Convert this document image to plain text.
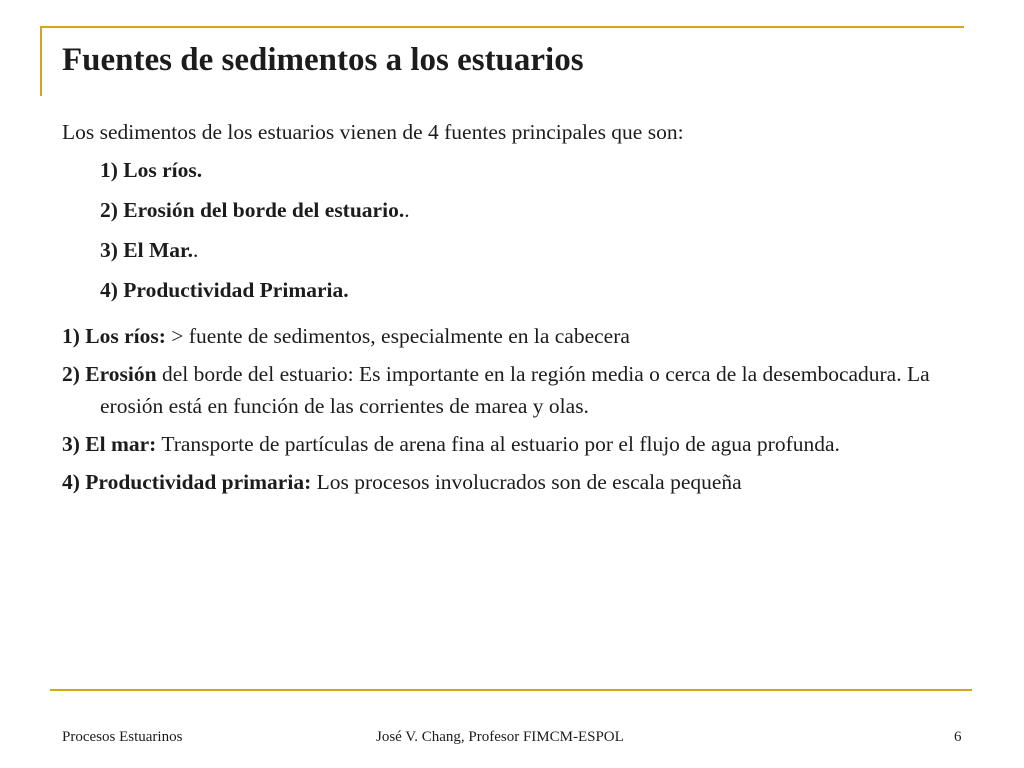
Fuentes de sedimentos a los estuarios

Los sedimentos de los estuarios vienen de 4 fuentes principales que son:

1) Los ríos.

2) Erosión del borde del estuario..

3) El Mar..

4) Productividad Primaria.

1) Los ríos: > fuente de sedimentos, especialmente en la cabecera

2) Erosión del borde del estuario: Es importante en la región media o cerca de la desembocadura. La erosión está en función de las corrientes de marea y olas.

3) El mar: Transporte de partículas de arena fina al estuario por el flujo de agua profunda.

4) Productividad primaria: Los procesos involucrados son de escala pequeña

Procesos Estuarinos	José V. Chang, Profesor FIMCM-ESPOL	6
